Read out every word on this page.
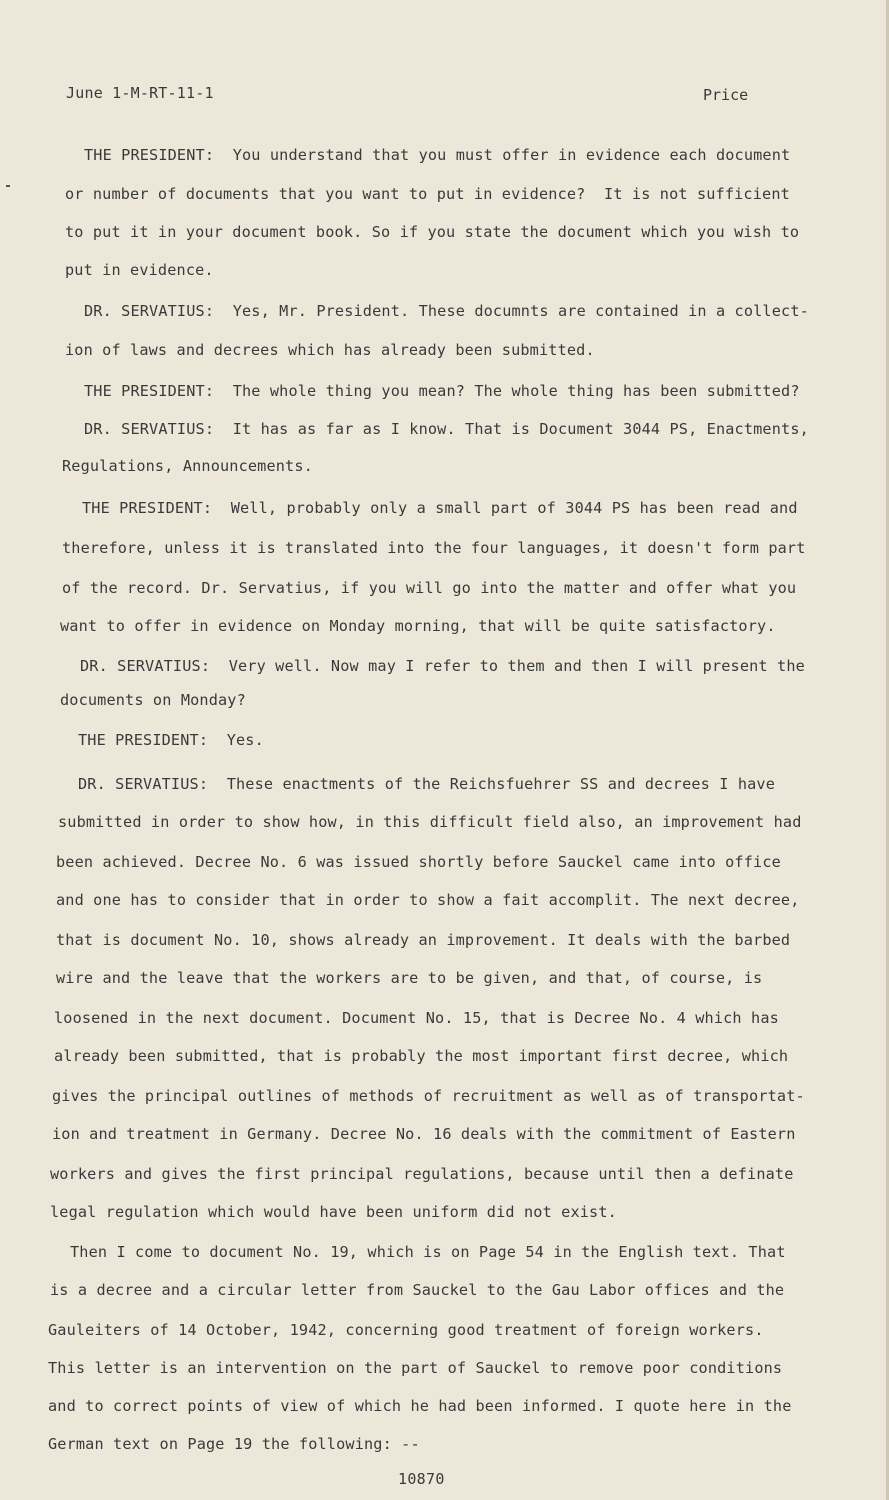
June 1-M-RT-11-1	Price
THE PRESIDENT:  You understand that you must offer in evidence each document
or number of documents that you want to put in evidence?  It is not sufficient
to put it in your document book. So if you state the document which you wish to
put in evidence.
DR. SERVATIUS:  Yes, Mr. President. These documnts are contained in a collect-
ion of laws and decrees which has already been submitted.
THE PRESIDENT:  The whole thing you mean? The whole thing has been submitted?
DR. SERVATIUS:  It has as far as I know. That is Document 3044 PS, Enactments,
Regulations, Announcements.
THE PRESIDENT:  Well, probably only a small part of 3044 PS has been read and
therefore, unless it is translated into the four languages, it doesn't form part
of the record. Dr. Servatius, if you will go into the matter and offer what you
want to offer in evidence on Monday morning, that will be quite satisfactory.
DR. SERVATIUS:  Very well. Now may I refer to them and then I will present the
documents on Monday?
THE PRESIDENT:  Yes.
DR. SERVATIUS:  These enactments of the Reichsfuehrer SS and decrees I have
submitted in order to show how, in this difficult field also, an improvement had
been achieved. Decree No. 6 was issued shortly before Sauckel came into office
and one has to consider that in order to show a fait accomplit. The next decree,
that is document No. 10, shows already an improvement. It deals with the barbed
wire and the leave that the workers are to be given, and that, of course, is
loosened in the next document. Document No. 15, that is Decree No. 4 which has
already been submitted, that is probably the most important first decree, which
gives the principal outlines of methods of recruitment as well as of transportat-
ion and treatment in Germany. Decree No. 16 deals with the commitment of Eastern
workers and gives the first principal regulations, because until then a definate
legal regulation which would have been uniform did not exist.
Then I come to document No. 19, which is on Page 54 in the English text. That
is a decree and a circular letter from Sauckel to the Gau Labor offices and the
Gauleiters of 14 October, 1942, concerning good treatment of foreign workers.
This letter is an intervention on the part of Sauckel to remove poor conditions
and to correct points of view of which he had been informed. I quote here in the
German text on Page 19 the following: --
10870
